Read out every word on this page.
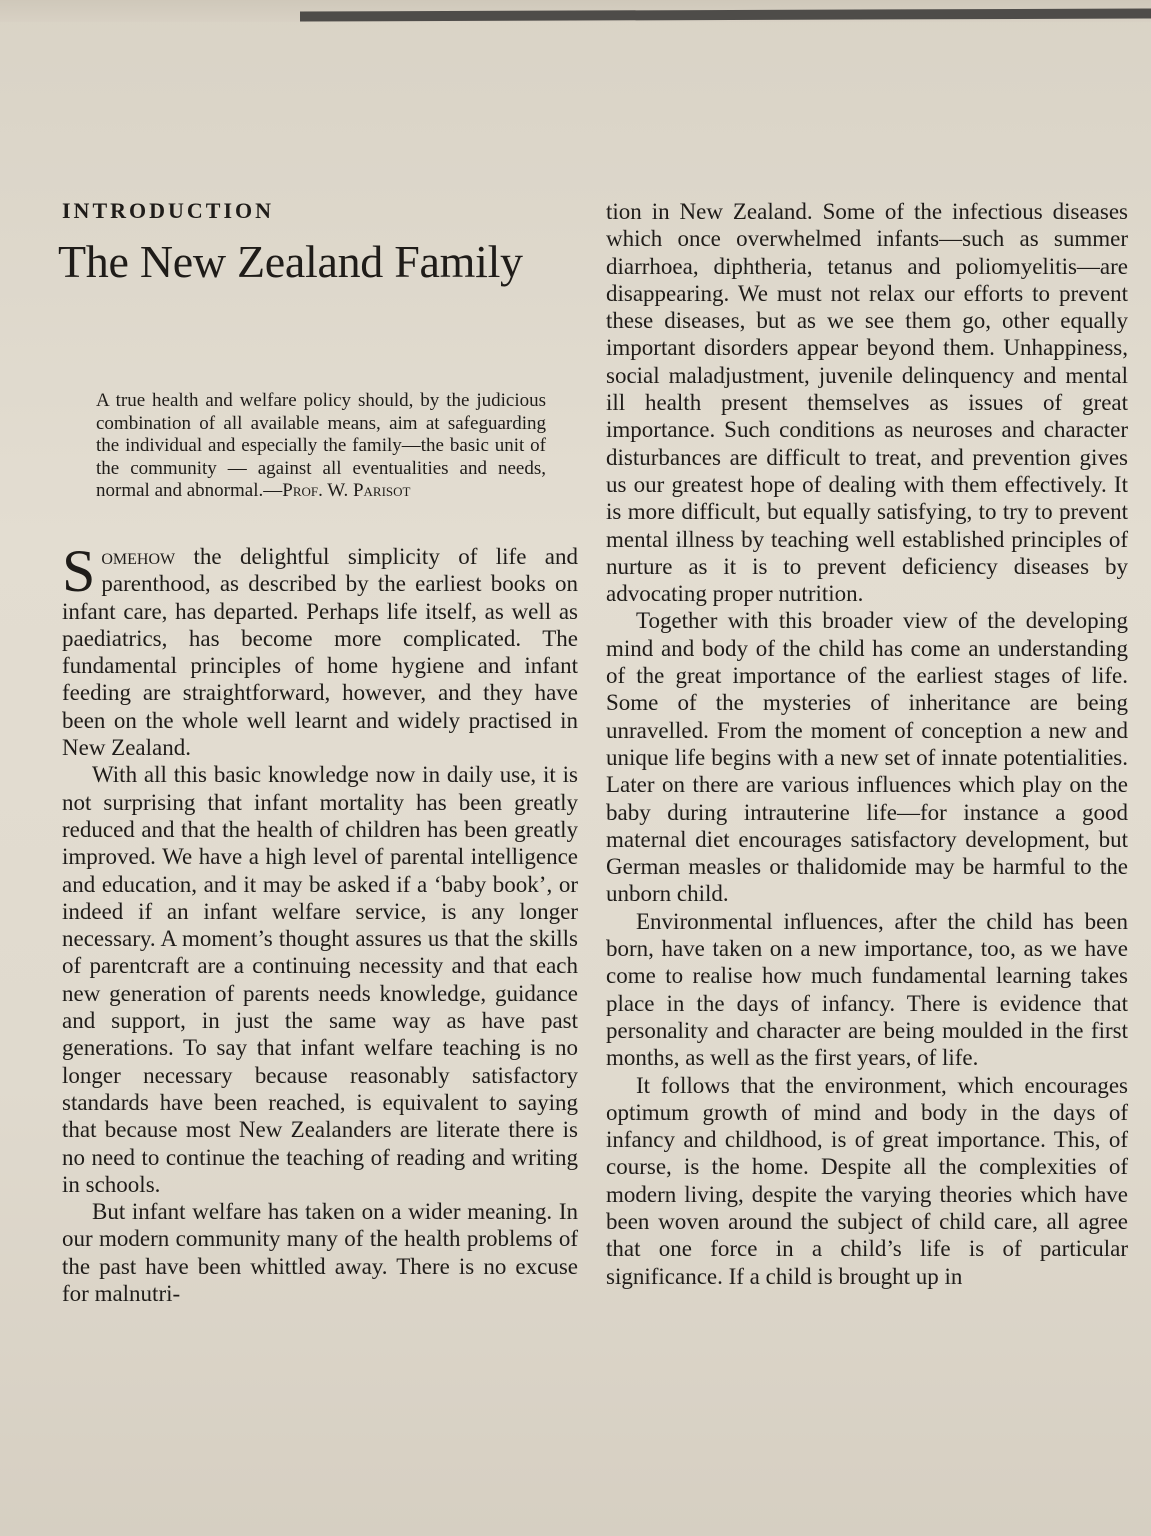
INTRODUCTION
The New Zealand Family
A true health and welfare policy should, by the judicious combination of all available means, aim at safeguarding the individual and especially the family—the basic unit of the community — against all eventualities and needs, normal and abnormal.—Prof. W. Parisot

Somehow the delightful simplicity of life and parenthood, as described by the earliest books on infant care, has departed. Perhaps life itself, as well as paediatrics, has become more complicated. The fundamental principles of home hygiene and infant feeding are straightforward, however, and they have been on the whole well learnt and widely practised in New Zealand.

With all this basic knowledge now in daily use, it is not surprising that infant mortality has been greatly reduced and that the health of children has been greatly improved. We have a high level of parental intelligence and education, and it may be asked if a ‘baby book’, or indeed if an infant welfare service, is any longer necessary. A moment’s thought assures us that the skills of parentcraft are a continuing necessity and that each new generation of parents needs knowledge, guidance and support, in just the same way as have past generations. To say that infant welfare teaching is no longer necessary because reasonably satisfactory standards have been reached, is equivalent to saying that because most New Zealanders are literate there is no need to continue the teaching of reading and writing in schools.

But infant welfare has taken on a wider meaning. In our modern community many of the health problems of the past have been whittled away. There is no excuse for malnutri-

tion in New Zealand. Some of the infectious diseases which once overwhelmed infants—such as summer diarrhoea, diphtheria, tetanus and poliomyelitis—are disappearing. We must not relax our efforts to prevent these diseases, but as we see them go, other equally important disorders appear beyond them. Unhappiness, social maladjustment, juvenile delinquency and mental ill health present themselves as issues of great importance. Such conditions as neuroses and character disturbances are difficult to treat, and prevention gives us our greatest hope of dealing with them effectively. It is more difficult, but equally satisfying, to try to prevent mental illness by teaching well established principles of nurture as it is to prevent deficiency diseases by advocating proper nutrition.

Together with this broader view of the developing mind and body of the child has come an understanding of the great importance of the earliest stages of life. Some of the mysteries of inheritance are being unravelled. From the moment of conception a new and unique life begins with a new set of innate potentialities. Later on there are various influences which play on the baby during intrauterine life—for instance a good maternal diet encourages satisfactory development, but German measles or thalidomide may be harmful to the unborn child.

Environmental influences, after the child has been born, have taken on a new importance, too, as we have come to realise how much fundamental learning takes place in the days of infancy. There is evidence that personality and character are being moulded in the first months, as well as the first years, of life.

It follows that the environment, which encourages optimum growth of mind and body in the days of infancy and childhood, is of great importance. This, of course, is the home. Despite all the complexities of modern living, despite the varying theories which have been woven around the subject of child care, all agree that one force in a child’s life is of particular significance. If a child is brought up in
